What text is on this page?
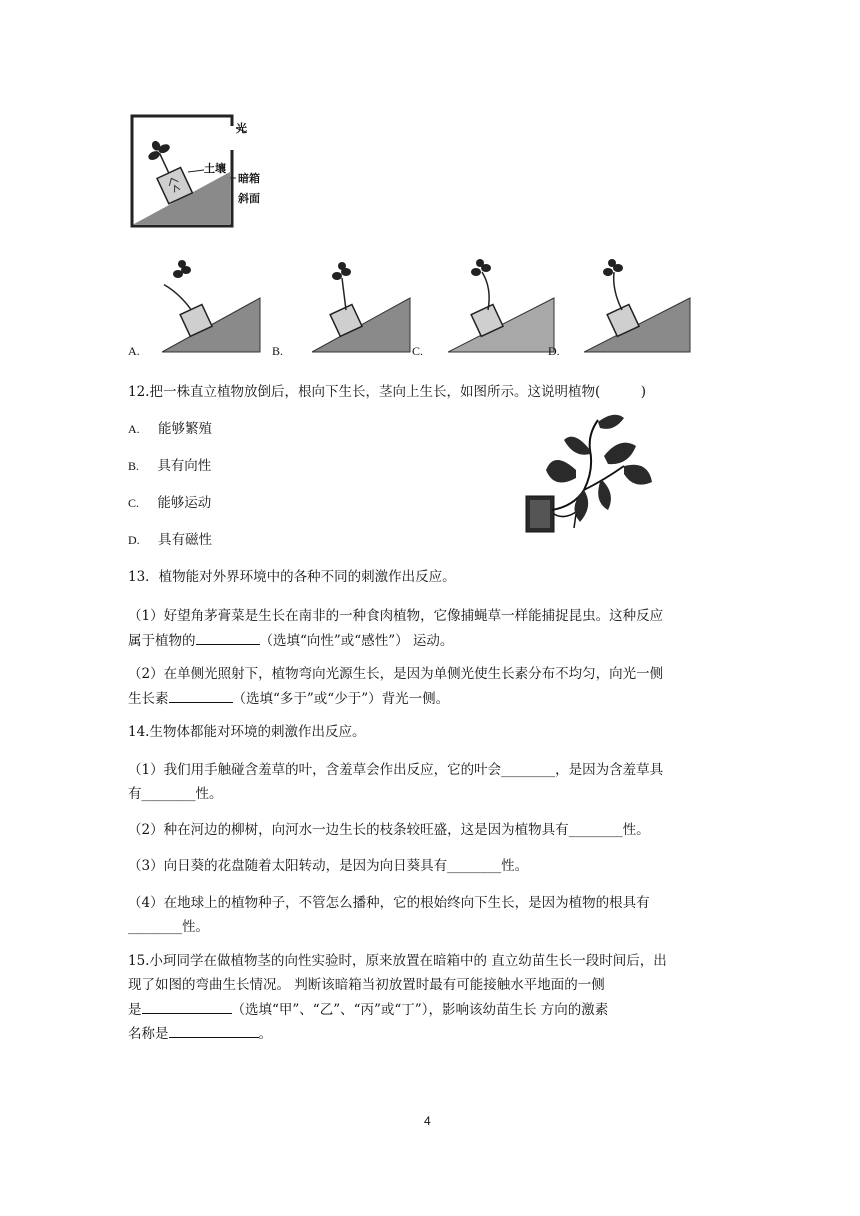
光
土壤
暗箱
斜面
A.	B.	C.	D.
12.把一株直立植物放倒后，根向下生长，茎向上生长，如图所示。这说明植物(　　　)
A. 能够繁殖
B. 具有向性
C. 能够运动
D. 具有磁性
13．植物能对外界环境中的各种不同的刺激作出反应。
（1）好望角茅膏菜是生长在南非的一种食肉植物，它像捕蝇草一样能捕捉昆虫。这种反应
属于植物的	（选填“向性”或“感性”） 运动。
（2）在单侧光照射下，植物弯向光源生长，是因为单侧光使生长素分布不均匀，向光一侧
生长素	（选填“多于”或“少于”）背光一侧。
14.生物体都能对环境的刺激作出反应。
（1）我们用手触碰含羞草的叶，含羞草会作出反应，它的叶会________，是因为含羞草具
有________性。
（2）种在河边的柳树，向河水一边生长的枝条较旺盛，这是因为植物具有________性。
（3）向日葵的花盘随着太阳转动，是因为向日葵具有________性。
（4）在地球上的植物种子，不管怎么播种，它的根始终向下生长，是因为植物的根具有
________性。
15.小珂同学在做植物茎的向性实验时，原来放置在暗箱中的 直立幼苗生长一段时间后，出
现了如图的弯曲生长情况。 判断该暗箱当初放置时最有可能接触水平地面的一侧
是	（选填“甲”、“乙”、“丙”或“丁”），影响该幼苗生长 方向的激素
名称是	。
4
